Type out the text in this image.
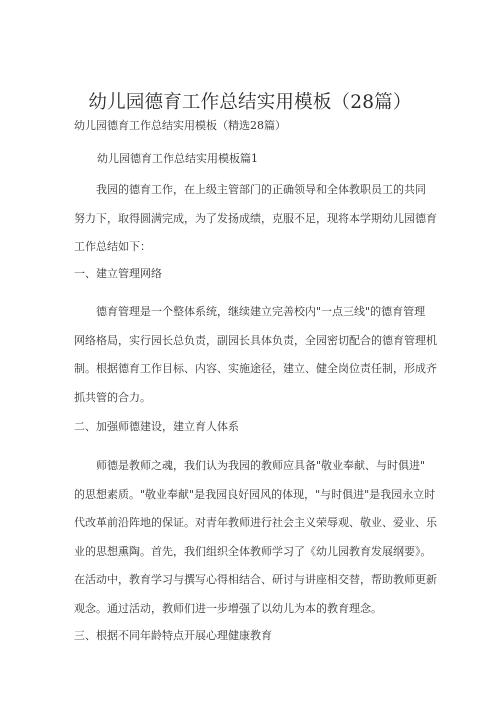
幼儿园德育工作总结实用模板（28篇）

幼儿园德育工作总结实用模板（精选28篇）

幼儿园德育工作总结实用模板篇1

我园的德育工作，在上级主管部门的正确领导和全体教职员工的共同
努力下，取得圆满完成，为了发扬成绩，克服不足，现将本学期幼儿园德育
工作总结如下：

一、建立管理网络

德育管理是一个整体系统，继续建立完善校内"一点三线"的德育管理
网络格局，实行园长总负责，副园长具体负责，全园密切配合的德育管理机
制。根据德育工作目标、内容、实施途径，建立、健全岗位责任制，形成齐
抓共管的合力。

二、加强师德建设，建立育人体系

师德是教师之魂，我们认为我园的教师应具备"敬业奉献、与时俱进"
的思想素质。"敬业奉献"是我园良好园风的体现，"与时俱进"是我园永立时
代改革前沿阵地的保证。对青年教师进行社会主义荣辱观、敬业、爱业、乐
业的思想熏陶。首先，我们组织全体教师学习了《幼儿园教育发展纲要》。
在活动中，教育学习与撰写心得相结合、研讨与讲座相交替，帮助教师更新
观念。通过活动，教师们进一步增强了以幼儿为本的教育理念。

三、根据不同年龄特点开展心理健康教育
